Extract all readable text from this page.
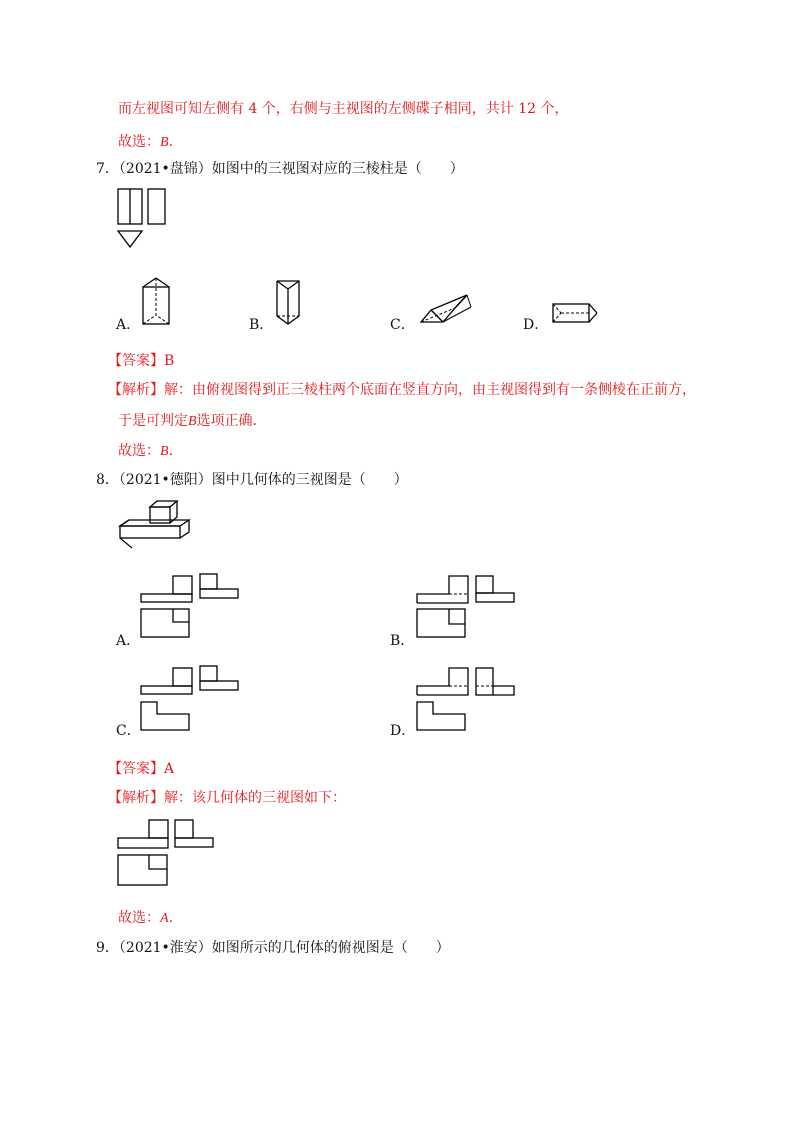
而左视图可知左侧有 4 个，右侧与主视图的左侧碟子相同，共计 12 个，
故选：B.
7．（2021•盘锦）如图中的三视图对应的三棱柱是（　　）
A．	B．	C．	D．
【答案】B
【解析】解：由俯视图得到正三棱柱两个底面在竖直方向，由主视图得到有一条侧棱在正前方，
于是可判定B选项正确．
故选：B.
8．（2021•德阳）图中几何体的三视图是（　　）
A．	B．
C．	D．
【答案】A
【解析】解：该几何体的三视图如下：
故选：A.
9．（2021•淮安）如图所示的几何体的俯视图是（　　）
